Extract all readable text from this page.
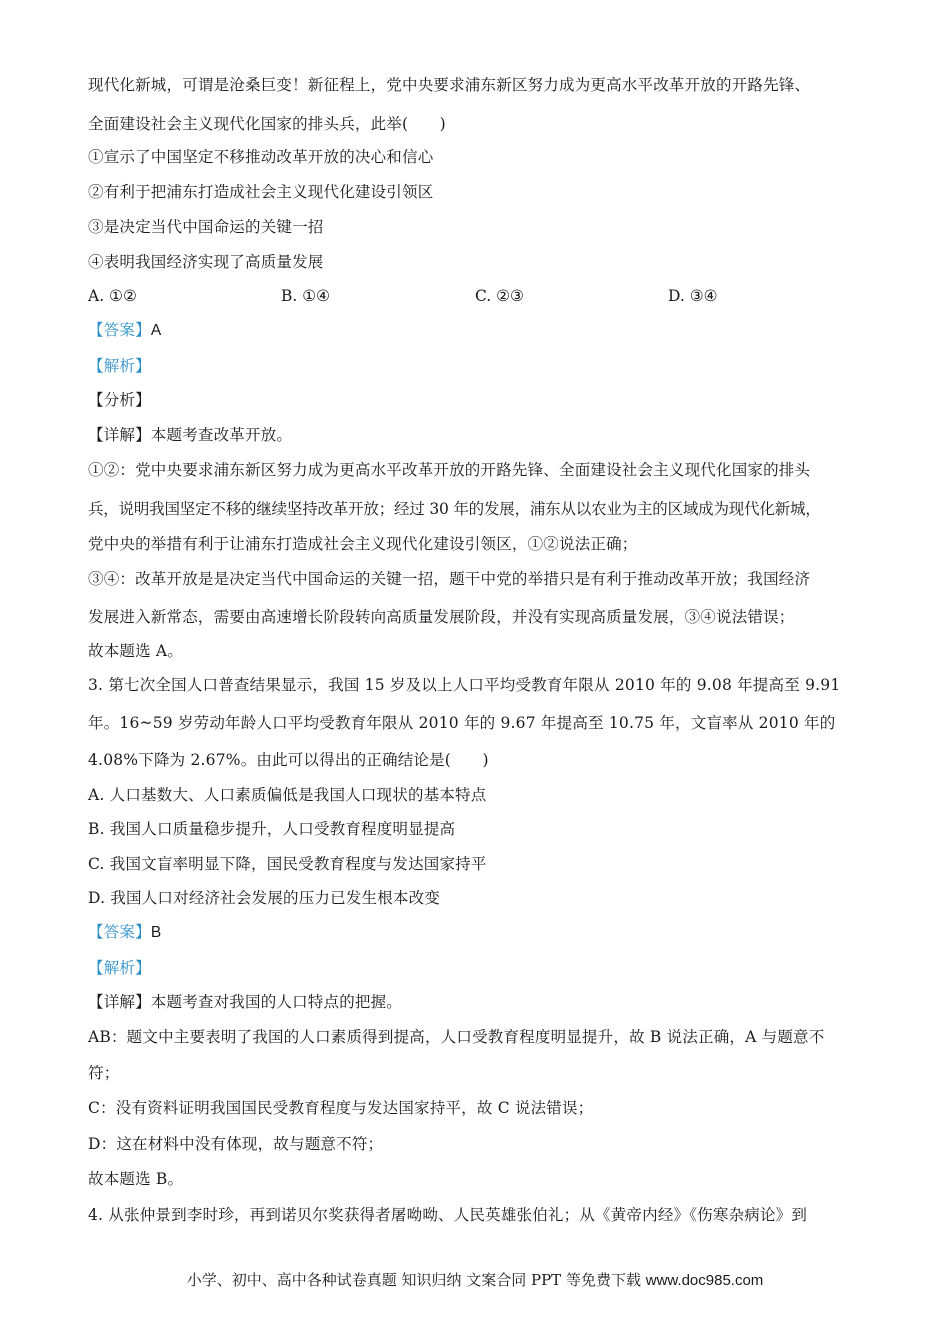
现代化新城，可谓是沧桑巨变！新征程上，党中央要求浦东新区努力成为更高水平改革开放的开路先锋、
全面建设社会主义现代化国家的排头兵，此举(　　)
①宣示了中国坚定不移推动改革开放的决心和信心
②有利于把浦东打造成社会主义现代化建设引领区
③是决定当代中国命运的关键一招
④表明我国经济实现了高质量发展
A. ①②	B. ①④	C. ②③	D. ③④
【答案】A
【解析】
【分析】
【详解】本题考查改革开放。
①②：党中央要求浦东新区努力成为更高水平改革开放的开路先锋、全面建设社会主义现代化国家的排头
兵，说明我国坚定不移的继续坚持改革开放；经过 30 年的发展，浦东从以农业为主的区域成为现代化新城，
党中央的举措有利于让浦东打造成社会主义现代化建设引领区，①②说法正确；
③④：改革开放是是决定当代中国命运的关键一招，题干中党的举措只是有利于推动改革开放；我国经济
发展进入新常态，需要由高速增长阶段转向高质量发展阶段，并没有实现高质量发展，③④说法错误；
故本题选 A。
3. 第七次全国人口普查结果显示，我国 15 岁及以上人口平均受教育年限从 2010 年的 9.08 年提高至 9.91
年。16~59 岁劳动年龄人口平均受教育年限从 2010 年的 9.67 年提高至 10.75 年，文盲率从 2010 年的
4.08%下降为 2.67%。由此可以得出的正确结论是(　　)
A. 人口基数大、人口素质偏低是我国人口现状的基本特点
B. 我国人口质量稳步提升，人口受教育程度明显提高
C. 我国文盲率明显下降，国民受教育程度与发达国家持平
D. 我国人口对经济社会发展的压力已发生根本改变
【答案】B
【解析】
【详解】本题考查对我国的人口特点的把握。
AB：题文中主要表明了我国的人口素质得到提高，人口受教育程度明显提升，故 B 说法正确，A 与题意不
符；
C：没有资料证明我国国民受教育程度与发达国家持平，故 C 说法错误；
D：这在材料中没有体现，故与题意不符；
故本题选 B。
4. 从张仲景到李时珍，再到诺贝尔奖获得者屠呦呦、人民英雄张伯礼；从《黄帝内经》《伤寒杂病论》到
小学、初中、高中各种试卷真题 知识归纳 文案合同 PPT 等免费下载 www.doc985.com
